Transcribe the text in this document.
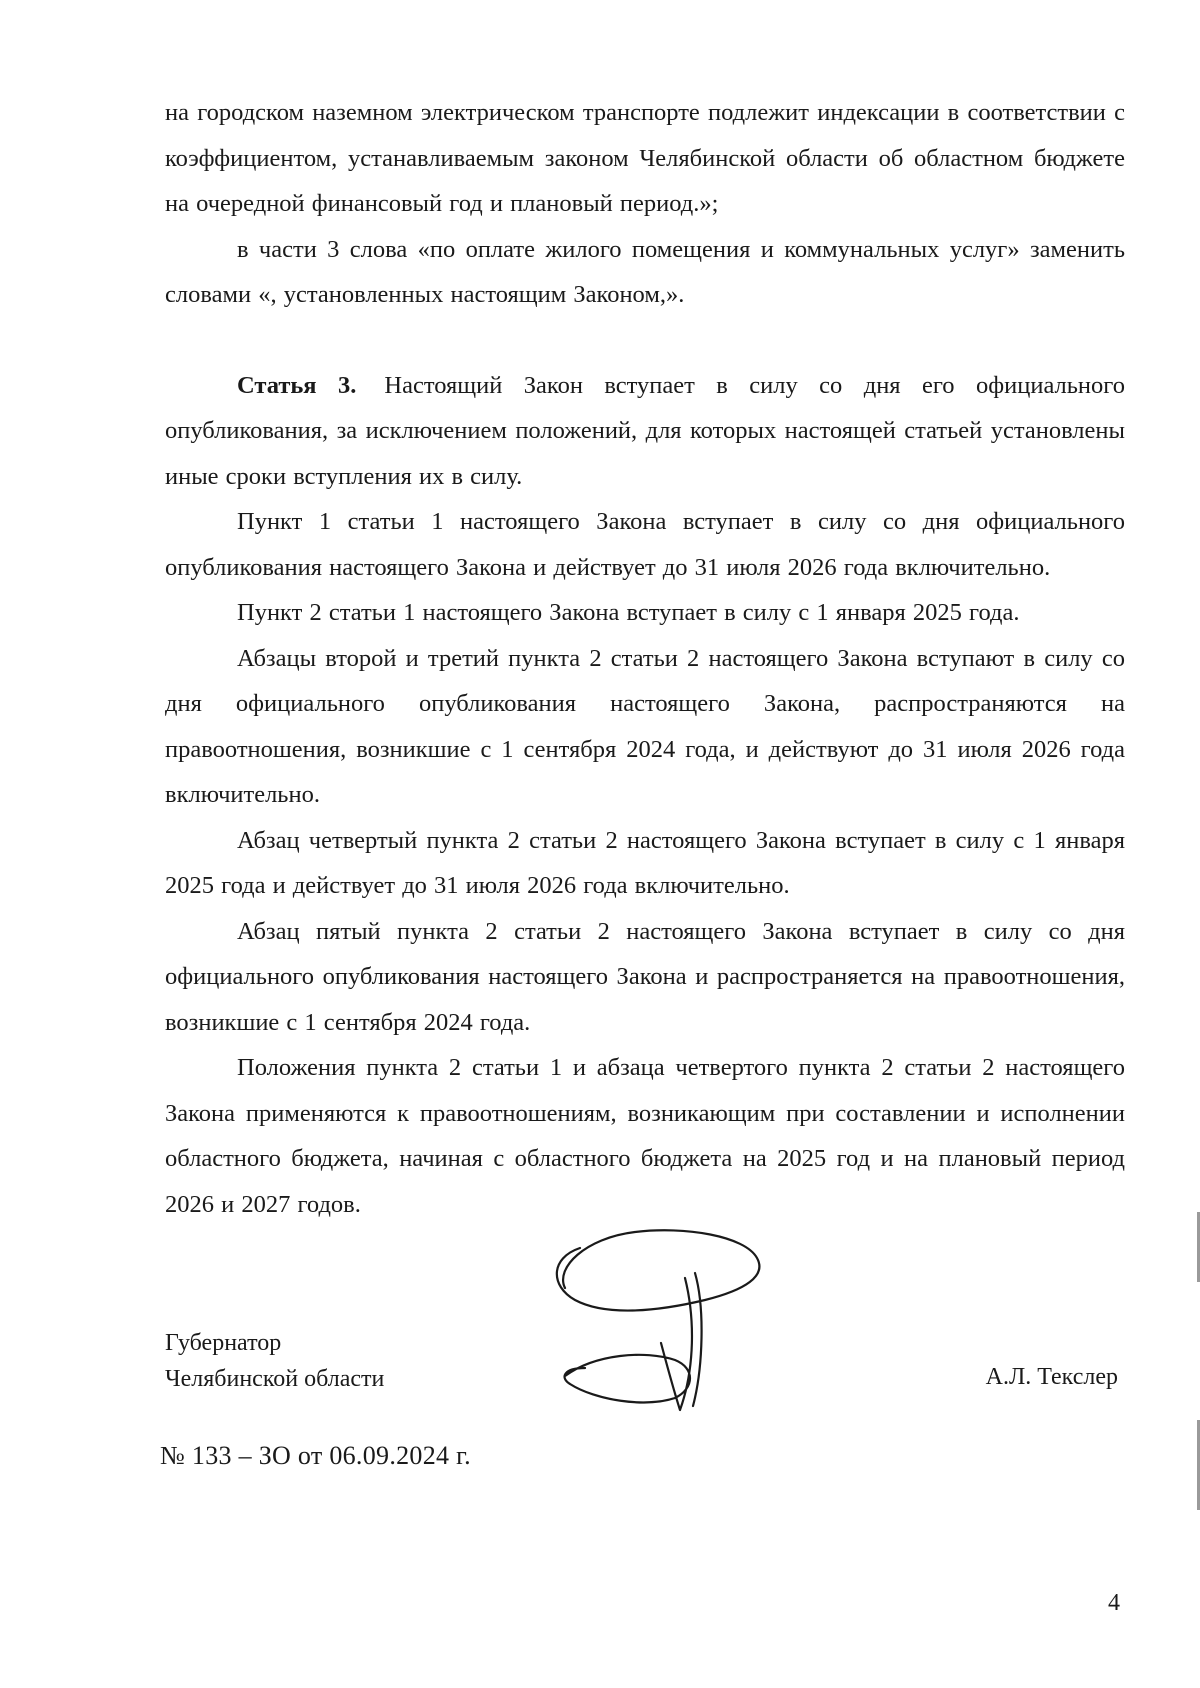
на городском наземном электрическом транспорте подлежит индексации в соответствии с коэффициентом, устанавливаемым законом Челябинской области об областном бюджете на очередной финансовый год и плановый период.»;

в части 3 слова «по оплате жилого помещения и коммунальных услуг» заменить словами «, установленных настоящим Законом,».

Статья 3. Настоящий Закон вступает в силу со дня его официального опубликования, за исключением положений, для которых настоящей статьей установлены иные сроки вступления их в силу.

Пункт 1 статьи 1 настоящего Закона вступает в силу со дня официального опубликования настоящего Закона и действует до 31 июля 2026 года включительно.

Пункт 2 статьи 1 настоящего Закона вступает в силу с 1 января 2025 года.

Абзацы второй и третий пункта 2 статьи 2 настоящего Закона вступают в силу со дня официального опубликования настоящего Закона, распространяются на правоотношения, возникшие с 1 сентября 2024 года, и действуют до 31 июля 2026 года включительно.

Абзац четвертый пункта 2 статьи 2 настоящего Закона вступает в силу с 1 января 2025 года и действует до 31 июля 2026 года включительно.

Абзац пятый пункта 2 статьи 2 настоящего Закона вступает в силу со дня официального опубликования настоящего Закона и распространяется на правоотношения, возникшие с 1 сентября 2024 года.

Положения пункта 2 статьи 1 и абзаца четвертого пункта 2 статьи 2 настоящего Закона применяются к правоотношениям, возникающим при составлении и исполнении областного бюджета, начиная с областного бюджета на 2025 год и на плановый период 2026 и 2027 годов.

Губернатор
Челябинской области	А.Л. Текслер
№ 133 – ЗО от 06.09.2024 г.
4
